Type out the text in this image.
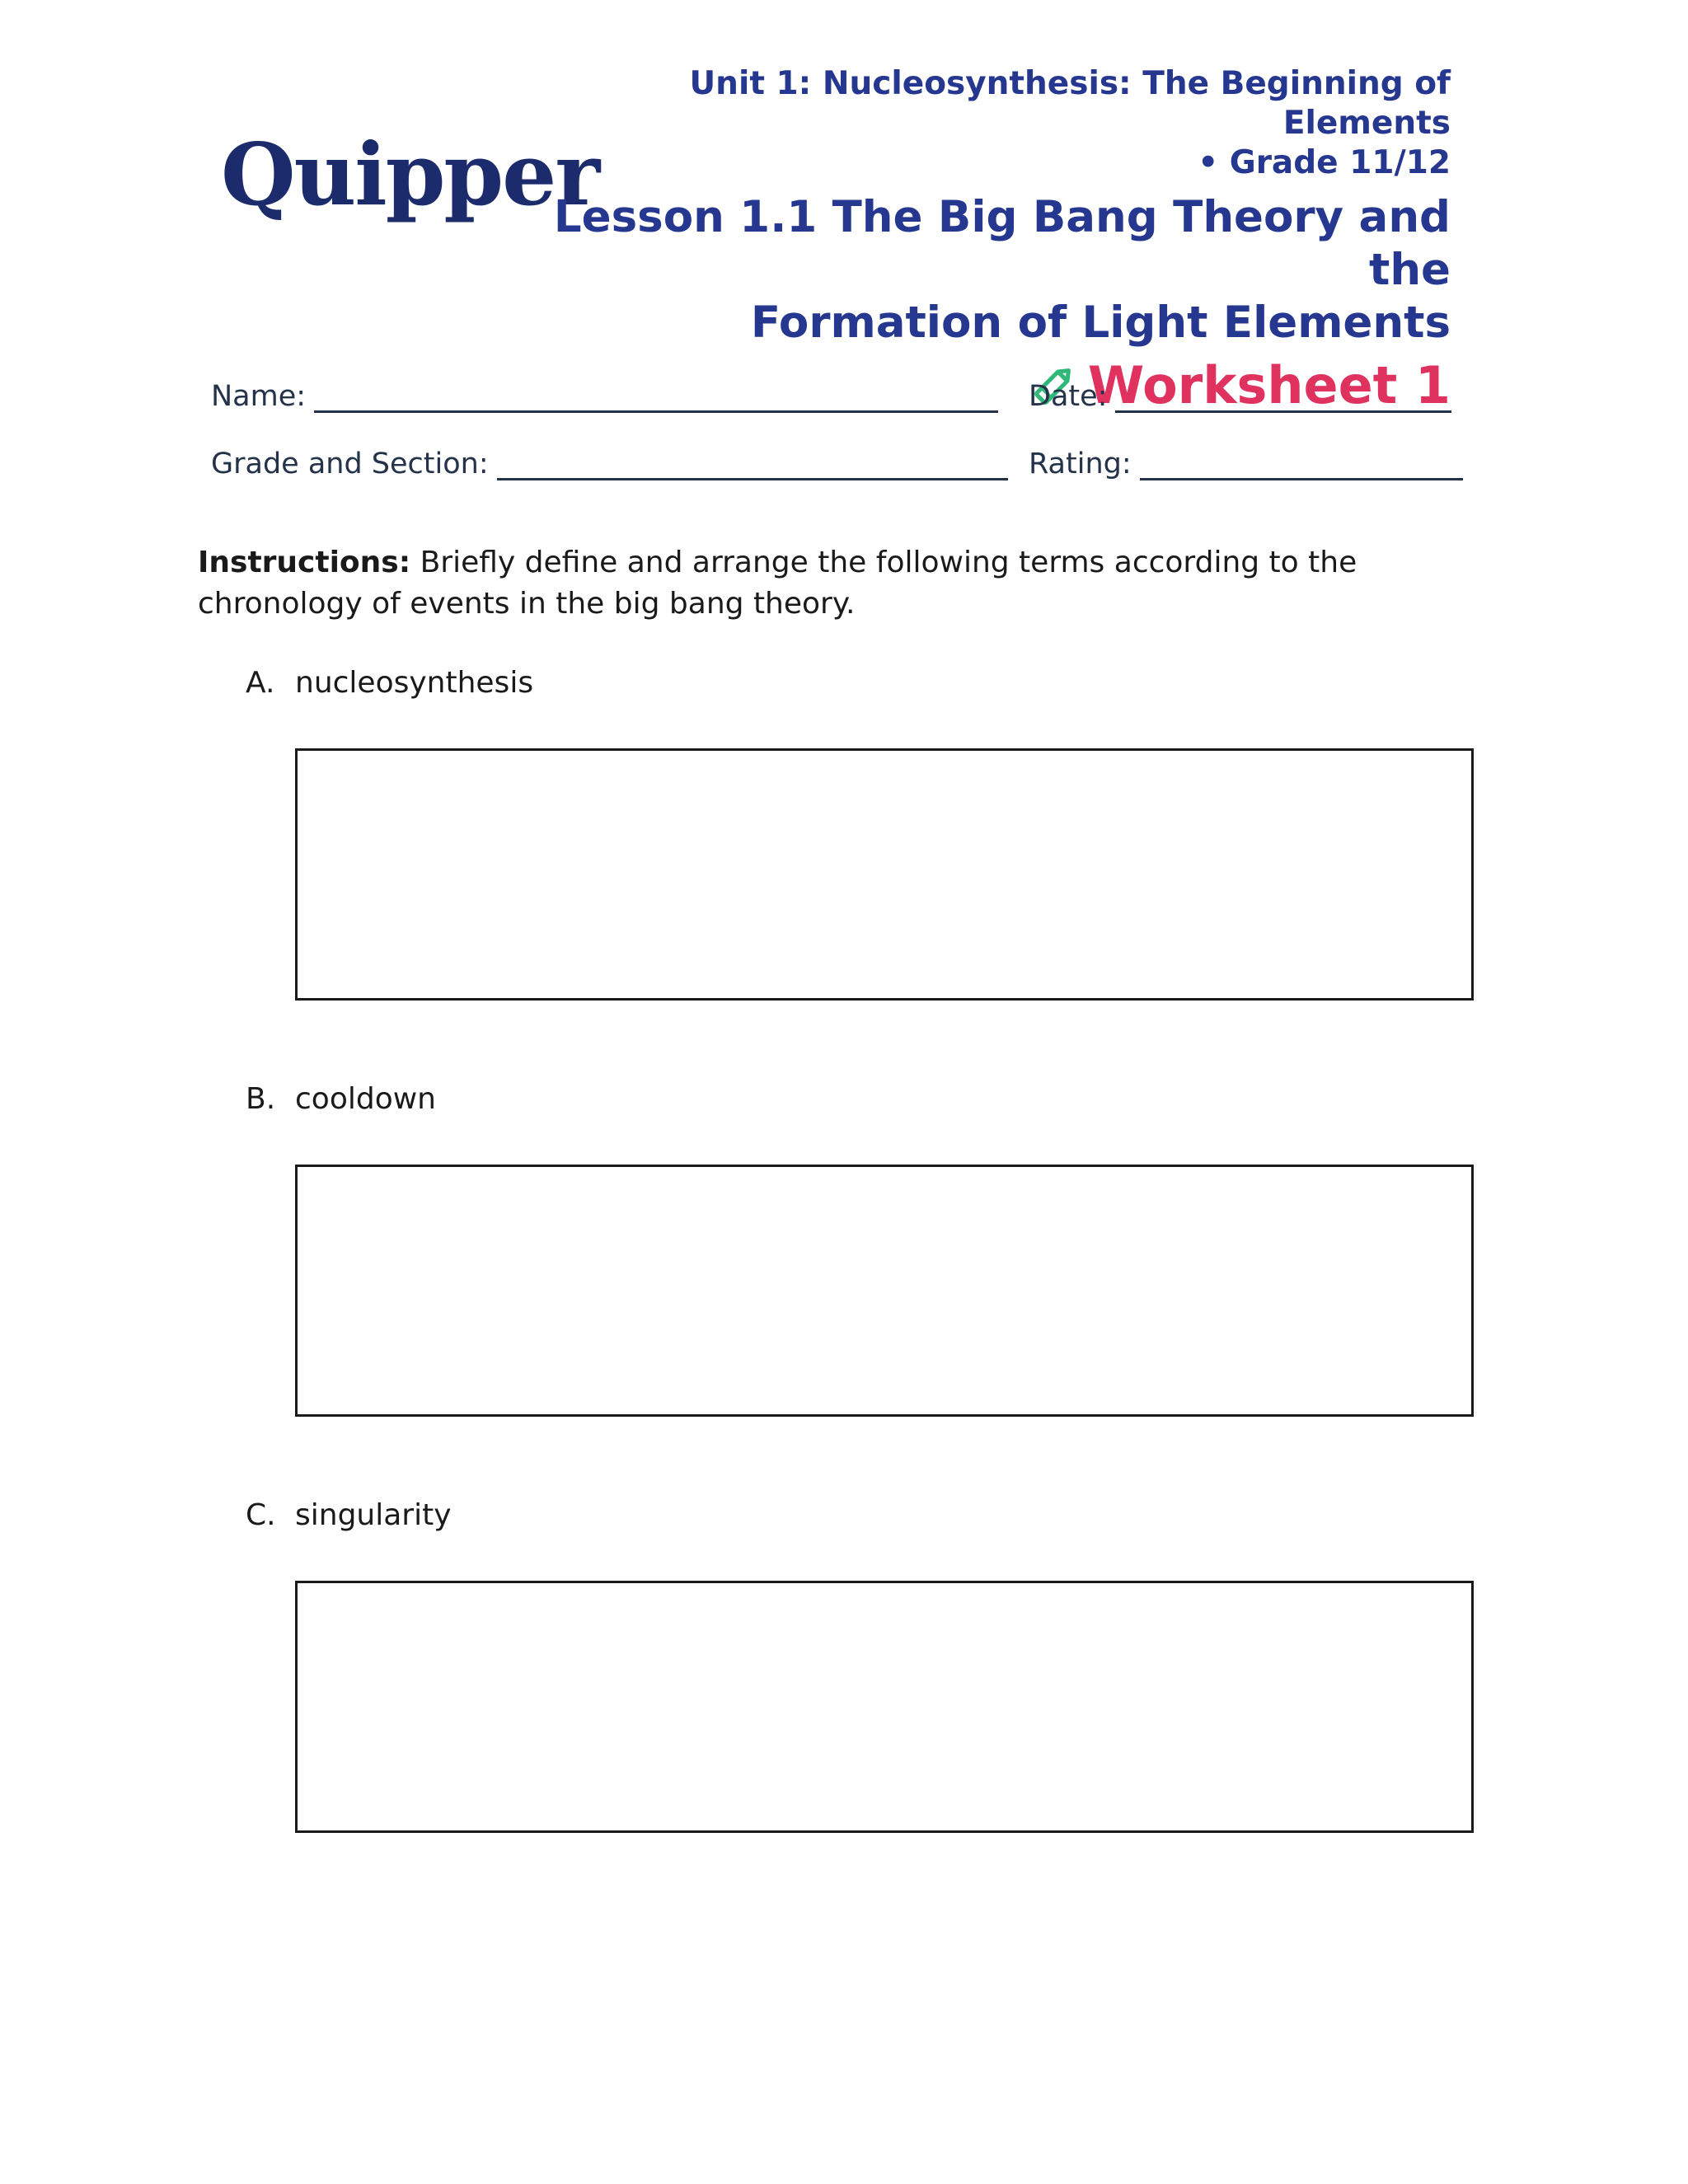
Quipper
Unit 1: Nucleosynthesis: The Beginning of Elements
• Grade 11/12
Lesson 1.1 The Big Bang Theory and the
Formation of Light Elements
Worksheet 1
Name:	Date:
Grade and Section:	Rating:
Instructions: Briefly define and arrange the following terms according to the chronology of events in the big bang theory.
A. nucleosynthesis
B. cooldown
C. singularity
